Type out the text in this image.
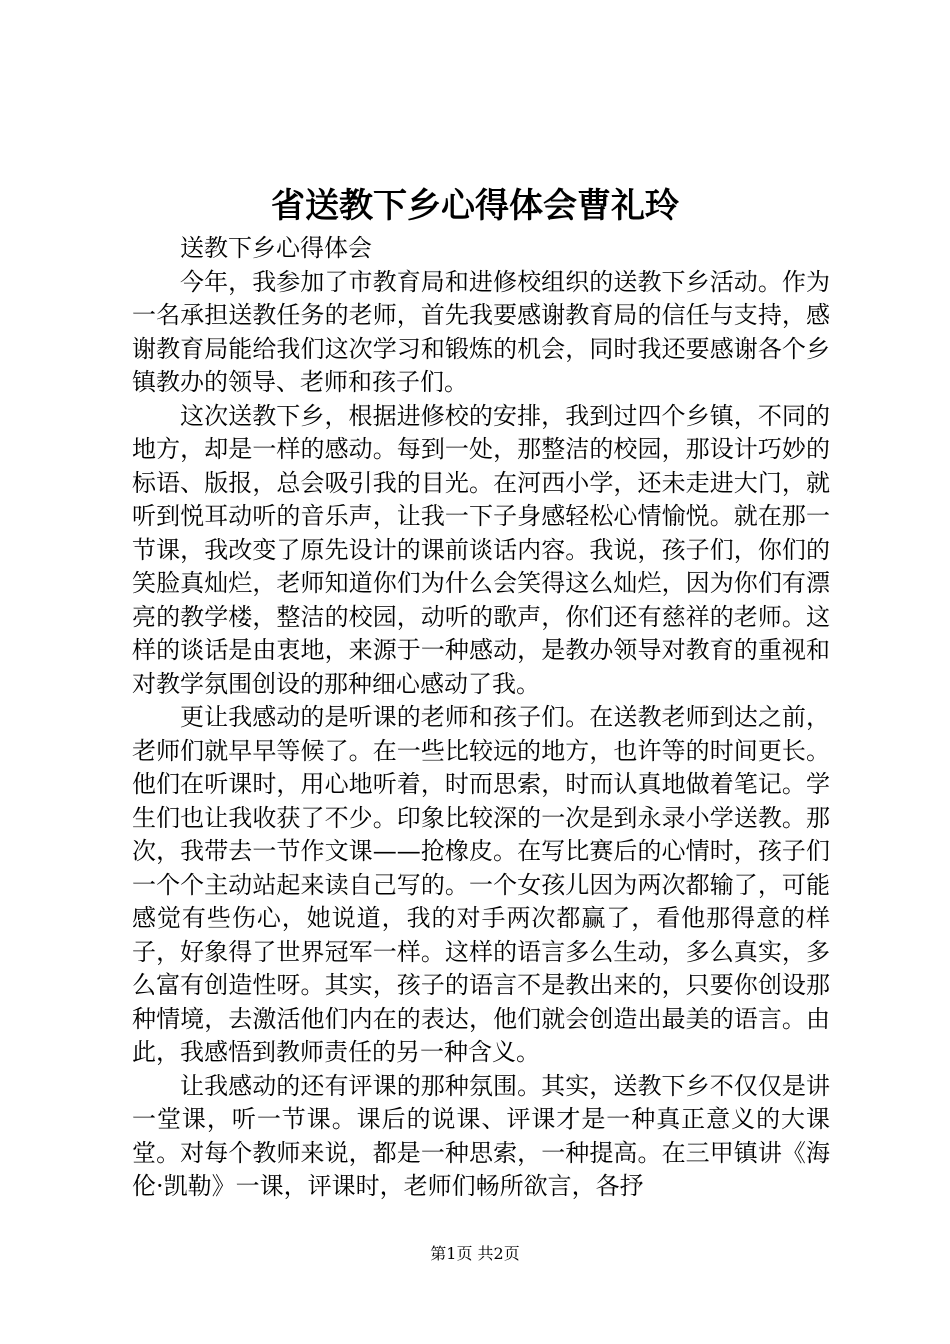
省送教下乡心得体会曹礼玲

送教下乡心得体会

今年，我参加了市教育局和进修校组织的送教下乡活动。作为一名承担送教任务的老师，首先我要感谢教育局的信任与支持，感谢教育局能给我们这次学习和锻炼的机会，同时我还要感谢各个乡镇教办的领导、老师和孩子们。

这次送教下乡，根据进修校的安排，我到过四个乡镇，不同的地方，却是一样的感动。每到一处，那整洁的校园，那设计巧妙的标语、版报，总会吸引我的目光。在河西小学，还未走进大门，就听到悦耳动听的音乐声，让我一下子身感轻松心情愉悦。就在那一节课，我改变了原先设计的课前谈话内容。我说，孩子们，你们的笑脸真灿烂，老师知道你们为什么会笑得这么灿烂，因为你们有漂亮的教学楼，整洁的校园，动听的歌声，你们还有慈祥的老师。这样的谈话是由衷地，来源于一种感动，是教办领导对教育的重视和对教学氛围创设的那种细心感动了我。

更让我感动的是听课的老师和孩子们。在送教老师到达之前，老师们就早早等候了。在一些比较远的地方，也许等的时间更长。他们在听课时，用心地听着，时而思索，时而认真地做着笔记。学生们也让我收获了不少。印象比较深的一次是到永录小学送教。那次，我带去一节作文课——抢橡皮。在写比赛后的心情时，孩子们一个个主动站起来读自己写的。一个女孩儿因为两次都输了，可能感觉有些伤心，她说道，我的对手两次都赢了，看他那得意的样子，好象得了世界冠军一样。这样的语言多么生动，多么真实，多么富有创造性呀。其实，孩子的语言不是教出来的，只要你创设那种情境，去激活他们内在的表达，他们就会创造出最美的语言。由此，我感悟到教师责任的另一种含义。

让我感动的还有评课的那种氛围。其实，送教下乡不仅仅是讲一堂课，听一节课。课后的说课、评课才是一种真正意义的大课堂。对每个教师来说，都是一种思索，一种提高。在三甲镇讲《海伦·凯勒》一课，评课时，老师们畅所欲言，各抒

第1页 共2页
